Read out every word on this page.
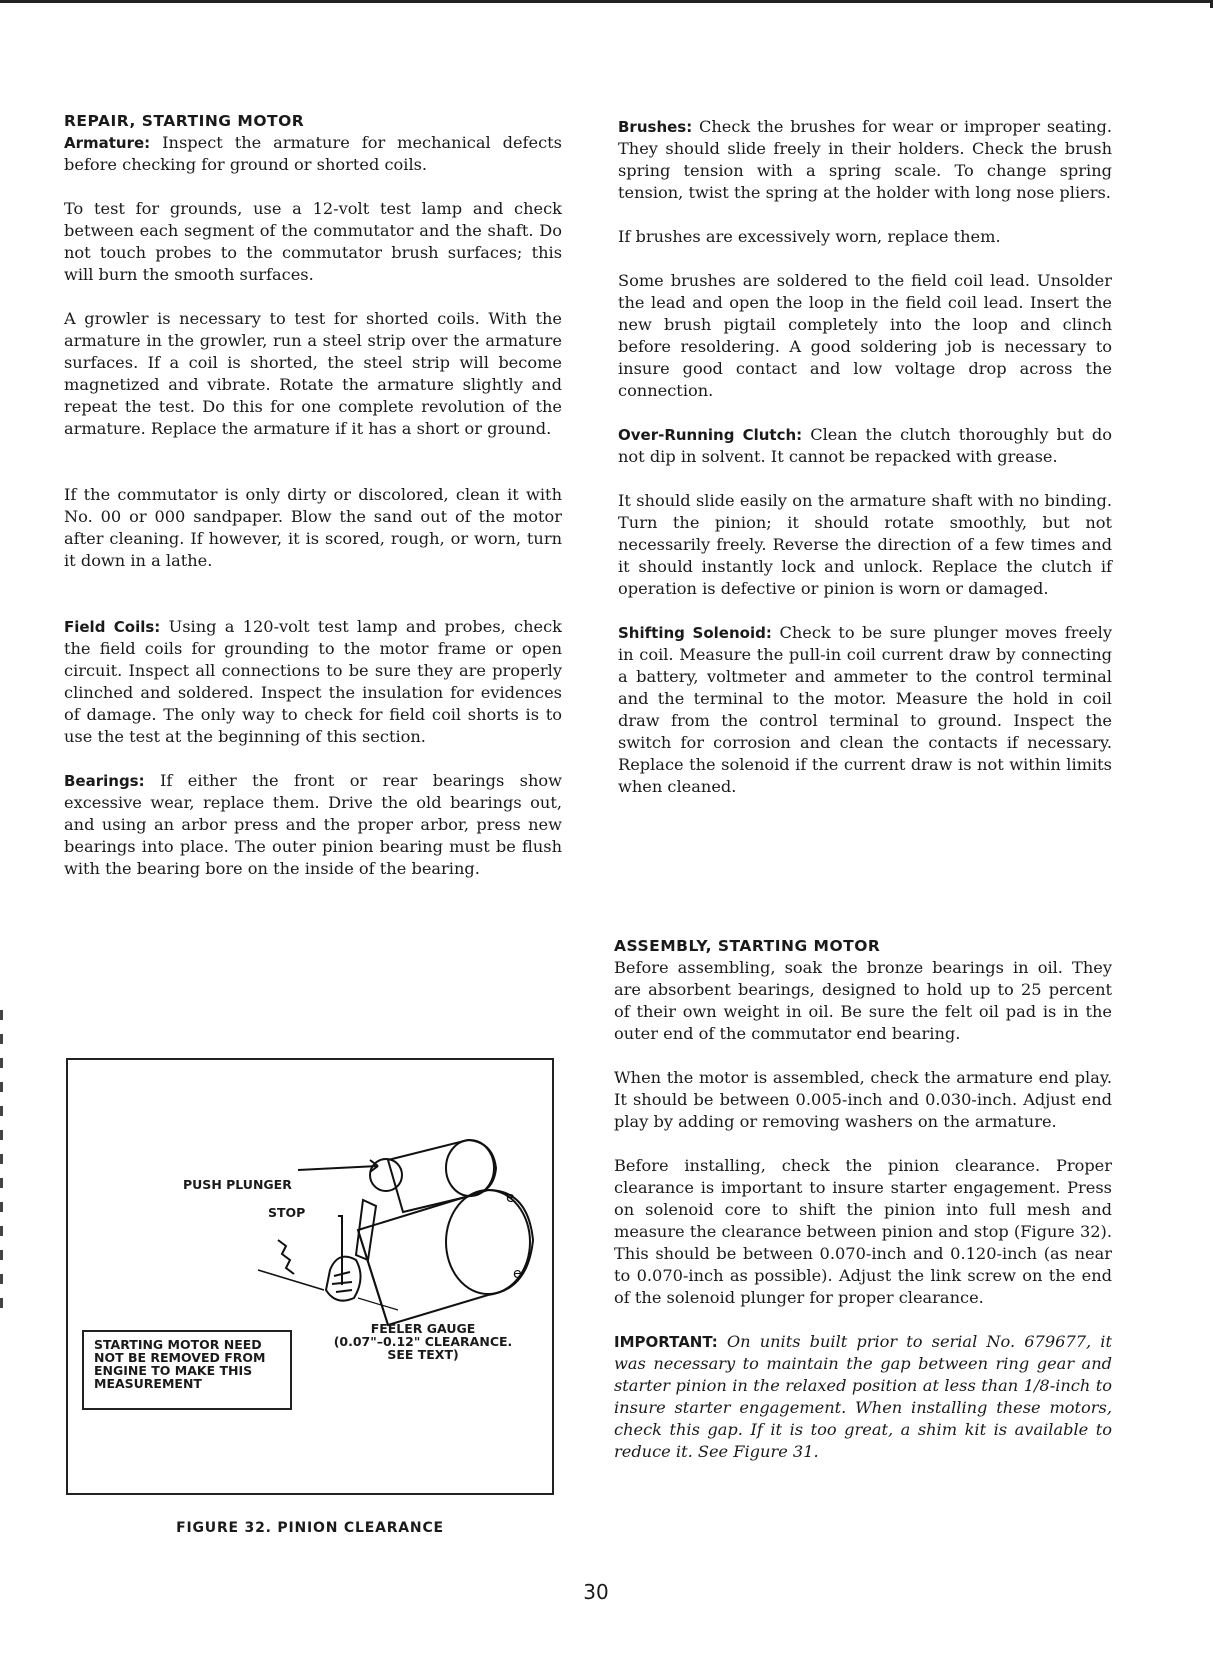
REPAIR, STARTING MOTOR

Armature: Inspect the armature for mechanical defects before checking for ground or shorted coils.

To test for grounds, use a 12-volt test lamp and check between each segment of the commutator and the shaft. Do not touch probes to the commutator brush surfaces; this will burn the smooth surfaces.

A growler is necessary to test for shorted coils. With the armature in the growler, run a steel strip over the armature surfaces. If a coil is shorted, the steel strip will become magnetized and vibrate. Rotate the armature slightly and repeat the test. Do this for one complete revolution of the armature. Replace the armature if it has a short or ground.

If the commutator is only dirty or discolored, clean it with No. 00 or 000 sandpaper. Blow the sand out of the motor after cleaning. If however, it is scored, rough, or worn, turn it down in a lathe.

Field Coils: Using a 120-volt test lamp and probes, check the field coils for grounding to the motor frame or open circuit. Inspect all connections to be sure they are properly clinched and soldered. Inspect the insulation for evidences of damage. The only way to check for field coil shorts is to use the test at the beginning of this section.

Bearings: If either the front or rear bearings show excessive wear, replace them. Drive the old bearings out, and using an arbor press and the proper arbor, press new bearings into place. The outer pinion bearing must be flush with the bearing bore on the inside of the bearing.

e
e
PUSH PLUNGER
STOP
FEELER GAUGE
(0.07"–0.12" CLEARANCE.
SEE TEXT)
STARTING MOTOR NEED
NOT BE REMOVED FROM
ENGINE TO MAKE THIS
MEASUREMENT
FIGURE 32. PINION CLEARANCE

Brushes: Check the brushes for wear or improper seating. They should slide freely in their holders. Check the brush spring tension with a spring scale. To change spring tension, twist the spring at the holder with long nose pliers.

If brushes are excessively worn, replace them.

Some brushes are soldered to the field coil lead. Unsolder the lead and open the loop in the field coil lead. Insert the new brush pigtail completely into the loop and clinch before resoldering. A good soldering job is necessary to insure good contact and low voltage drop across the connection.

Over-Running Clutch: Clean the clutch thoroughly but do not dip in solvent. It cannot be repacked with grease.

It should slide easily on the armature shaft with no binding. Turn the pinion; it should rotate smoothly, but not necessarily freely. Reverse the direction of a few times and it should instantly lock and unlock. Replace the clutch if operation is defective or pinion is worn or damaged.

Shifting Solenoid: Check to be sure plunger moves freely in coil. Measure the pull-in coil current draw by connecting a battery, voltmeter and ammeter to the control terminal and the terminal to the motor. Measure the hold in coil draw from the control terminal to ground. Inspect the switch for corrosion and clean the contacts if necessary. Replace the solenoid if the current draw is not within limits when cleaned.

ASSEMBLY, STARTING MOTOR

Before assembling, soak the bronze bearings in oil. They are absorbent bearings, designed to hold up to 25 percent of their own weight in oil. Be sure the felt oil pad is in the outer end of the commutator end bearing.

When the motor is assembled, check the armature end play. It should be between 0.005-inch and 0.030-inch. Adjust end play by adding or removing washers on the armature.

Before installing, check the pinion clearance. Proper clearance is important to insure starter engagement. Press on solenoid core to shift the pinion into full mesh and measure the clearance between pinion and stop (Figure 32). This should be between 0.070-inch and 0.120-inch (as near to 0.070-inch as possible). Adjust the link screw on the end of the solenoid plunger for proper clearance.

IMPORTANT: On units built prior to serial No. 679677, it was necessary to maintain the gap between ring gear and starter pinion in the relaxed position at less than 1/8-inch to insure starter engagement. When installing these motors, check this gap. If it is too great, a shim kit is available to reduce it. See Figure 31.

30
